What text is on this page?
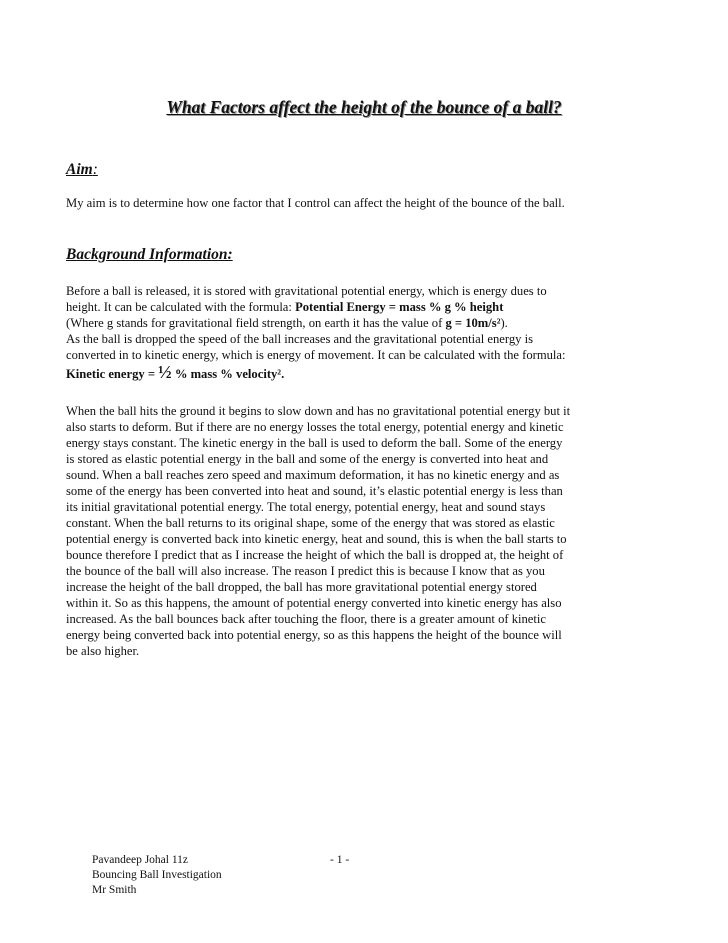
What Factors affect the height of the bounce of a ball?
Aim:

My aim is to determine how one factor that I control can affect the height of the bounce of the ball.

Background Information:
Before a ball is released, it is stored with gravitational potential energy, which is energy dues to
height. It can be calculated with the formula: Potential Energy = mass % g % height
(Where g stands for gravitational field strength, on earth it has the value of g = 10m/s²).
As the ball is dropped the speed of the ball increases and the gravitational potential energy is
converted in to kinetic energy, which is energy of movement. It can be calculated with the formula:
Kinetic energy = ½ % mass % velocity².
When the ball hits the ground it begins to slow down and has no gravitational potential energy but it
also starts to deform. But if there are no energy losses the total energy, potential energy and kinetic
energy stays constant. The kinetic energy in the ball is used to deform the ball. Some of the energy
is stored as elastic potential energy in the ball and some of the energy is converted into heat and
sound. When a ball reaches zero speed and maximum deformation, it has no kinetic energy and as
some of the energy has been converted into heat and sound, it’s elastic potential energy is less than
its initial gravitational potential energy. The total energy, potential energy, heat and sound stays
constant. When the ball returns to its original shape, some of the energy that was stored as elastic
potential energy is converted back into kinetic energy, heat and sound, this is when the ball starts to
bounce therefore I predict that as I increase the height of which the ball is dropped at, the height of
the bounce of the ball will also increase. The reason I predict this is because I know that as you
increase the height of the ball dropped, the ball has more gravitational potential energy stored
within it. So as this happens, the amount of potential energy converted into kinetic energy has also
increased. As the ball bounces back after touching the floor, there is a greater amount of kinetic
energy being converted back into potential energy, so as this happens the height of the bounce will
be also higher.
Pavandeep Johal 11z
Bouncing Ball Investigation
Mr Smith
- 1 -
